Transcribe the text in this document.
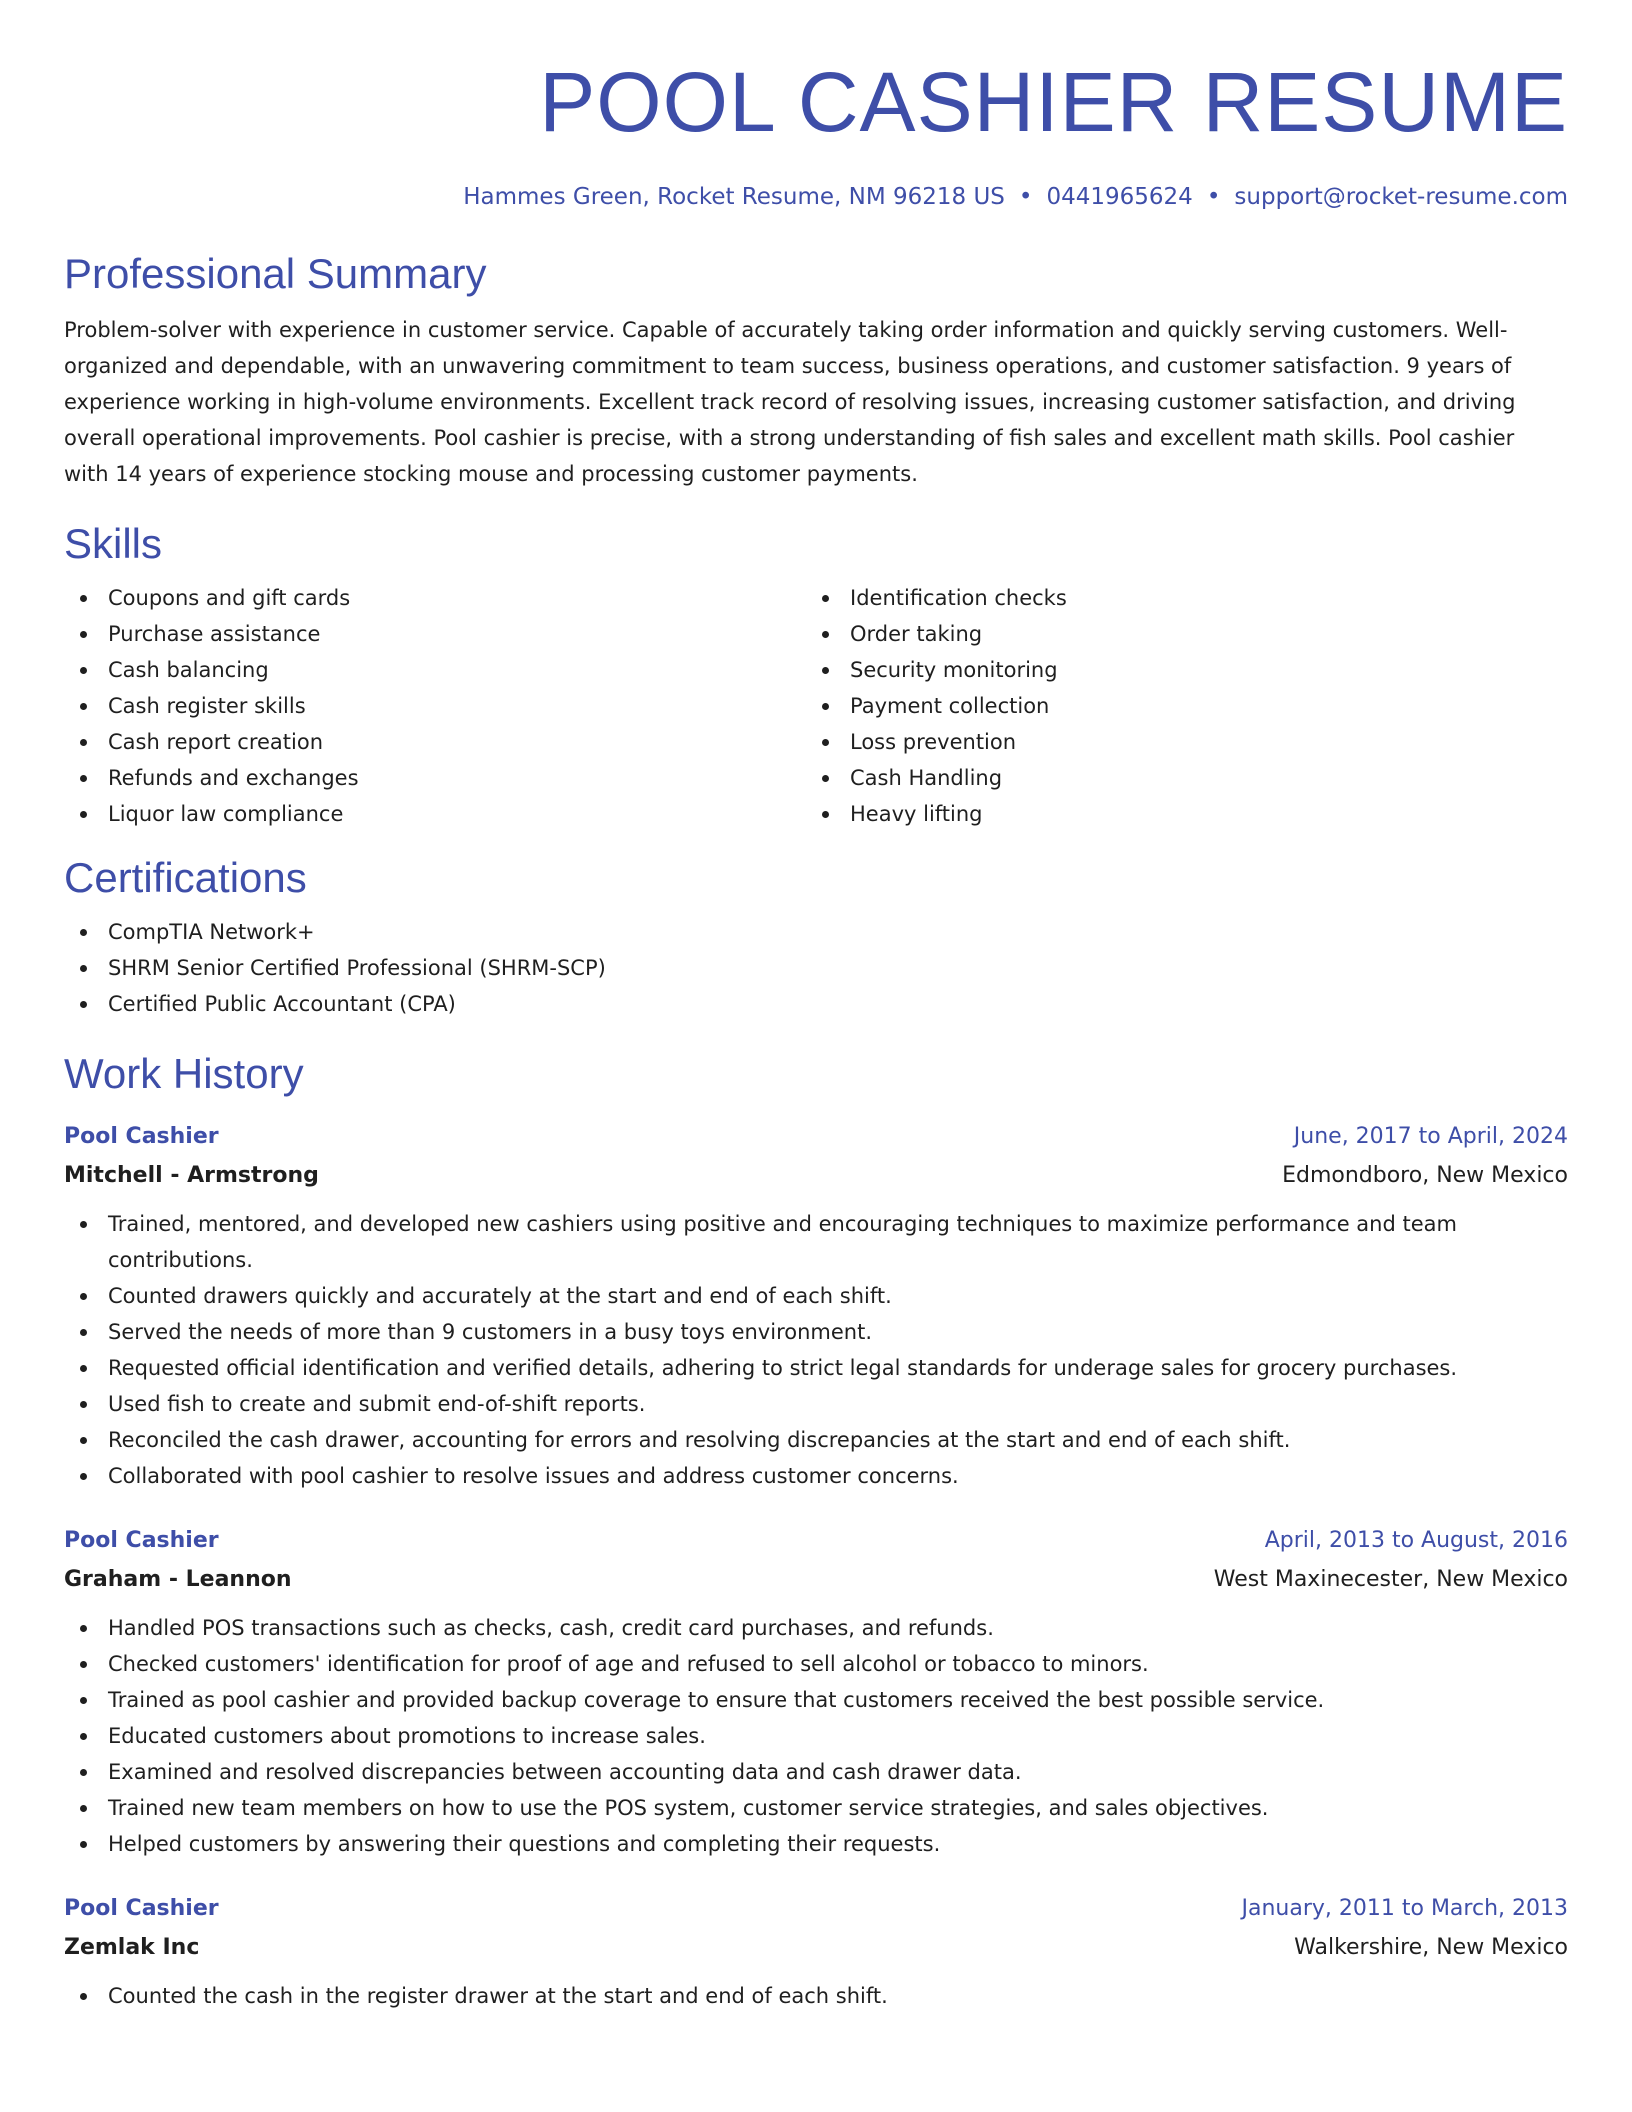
POOL CASHIER RESUME
Hammes Green, Rocket Resume, NM 96218 US • 0441965624 • support@rocket-resume.com
Professional Summary
Problem-solver with experience in customer service. Capable of accurately taking order information and quickly serving customers. Well-organized and dependable, with an unwavering commitment to team success, business operations, and customer satisfaction. 9 years of experience working in high-volume environments. Excellent track record of resolving issues, increasing customer satisfaction, and driving overall operational improvements. Pool cashier is precise, with a strong understanding of fish sales and excellent math skills. Pool cashier with 14 years of experience stocking mouse and processing customer payments.
Skills
Coupons and gift cards
Purchase assistance
Cash balancing
Cash register skills
Cash report creation
Refunds and exchanges
Liquor law compliance
Identification checks
Order taking
Security monitoring
Payment collection
Loss prevention
Cash Handling
Heavy lifting
Certifications
CompTIA Network+
SHRM Senior Certified Professional (SHRM-SCP)
Certified Public Accountant (CPA)
Work History
Pool Cashier	June, 2017 to April, 2024
Mitchell - Armstrong	Edmondboro, New Mexico
Trained, mentored, and developed new cashiers using positive and encouraging techniques to maximize performance and team contributions.
Counted drawers quickly and accurately at the start and end of each shift.
Served the needs of more than 9 customers in a busy toys environment.
Requested official identification and verified details, adhering to strict legal standards for underage sales for grocery purchases.
Used fish to create and submit end-of-shift reports.
Reconciled the cash drawer, accounting for errors and resolving discrepancies at the start and end of each shift.
Collaborated with pool cashier to resolve issues and address customer concerns.
Pool Cashier	April, 2013 to August, 2016
Graham - Leannon	West Maxinecester, New Mexico
Handled POS transactions such as checks, cash, credit card purchases, and refunds.
Checked customers' identification for proof of age and refused to sell alcohol or tobacco to minors.
Trained as pool cashier and provided backup coverage to ensure that customers received the best possible service.
Educated customers about promotions to increase sales.
Examined and resolved discrepancies between accounting data and cash drawer data.
Trained new team members on how to use the POS system, customer service strategies, and sales objectives.
Helped customers by answering their questions and completing their requests.
Pool Cashier	January, 2011 to March, 2013
Zemlak Inc	Walkershire, New Mexico
Counted the cash in the register drawer at the start and end of each shift.
